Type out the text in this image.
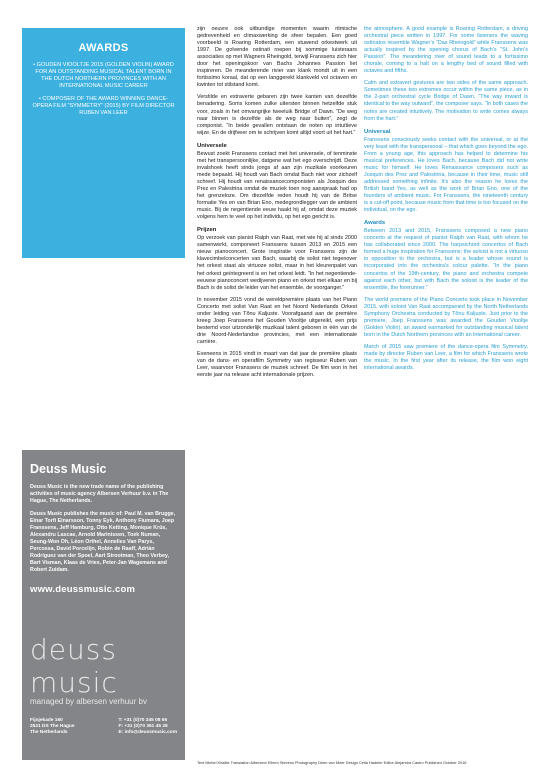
AWARDS
• GOUDEN VIOOLTJE 2015 (GOLDEN VIOLIN) AWARD FOR AN OUTSTANDING MUSICAL TALENT BORN IN THE DUTCH NORTHERN PROVINCES WITH AN INTERNATIONAL MUSIC CAREER
• COMPOSER OF THE AWARD WINNING DANCE-OPERA FILM “SYMMETRY” (2015) BY FILM DIRECTOR RUBEN VAN LEER
Deuss Music

Deuss Music is the new trade name of the publishing activities of music agency Albersen Verhuur b.v. in The Hague, The Netherlands.

Deuss Music publishes the music of: Paul M. van Brugge, Einar Torfi Einarsson, Tonny Eyk, Anthony Fiumara, Joep Franssens, Jeff Hamburg, Otto Ketting, Monique Krüs, Alexandru Lascae, Arnold Marinissen, Toek Numan, Seung-Won Oh, Léon Orthel, Annelies Van Parys, Percossa, David Porcelijn, Robin de Raaff, Adrián Rodríguez van der Spoel, Aart Strootman, Theo Verbey, Bart Visman, Klaas de Vries, Peter-Jan Wagemans and Robert Zuidam.

www.deussmusic.com
deuss music
managed by albersen verhuur bv
Fijnjekade 160
2521 DS The Hague
The Netherlands
T: +31 (0)70 345 08 65
F: +31 (0)70 361 45 28
E: info@deussmusic.com

zijn oeuvre ook uitbundige momenten waarin ritmische gedrevenheid en climaxwerking de sfeer bepalen. Een goed voorbeeld is Roaring Rotterdam, een stuwend orkestwerk uit 1997. De golvende ostinati roepen bij sommige luisteraars associaties op met Wagners Rheingold, terwijl Franssens zich hier door het openingskoor van Bachs Johannes Passion liet inspireren. De meanderende rivier van klank mondt uit in een fortissimo koraal, dat op een langgerekt klankveld vol octaven en kwinten tot stilstand komt.

Verstilde en extraverte gebaren zijn twee kanten van dezelfde benadering. Soms komen zulke uitersten binnen hetzelfde stuk voor, zoals in het omvangrijke tweeluik Bridge of Dawn. “De weg naar binnen is dezelfde als de weg naar buiten”, zegt de componist. “In beide gevallen ontstaan de noten op intuïtieve wijze. En de drijfveer om te schrijven komt altijd voort uit het hart.”

Universele

Bewust zoekt Franssens contact met het universele, of tenminste met het transpersoonlijke, datgene wat het ego overschrijdt. Deze invalshoek heeft sinds jongs af aan zijn muzikale voorkeuren mede bepaald. Hij houdt van Bach omdat Bach niet voor zichzelf schreef. Hij houdt van renaissancecomponisten als Josquin des Prez en Palestrina omdat de muziek toen nog aanspraak had op het grenzeloze. Om diezelfde reden houdt hij van de Britse formatie Yes en van Brian Eno, medegrondlegger van de ambient music. Bij de negentiende eeuw haakt hij af, omdat deze muziek volgens hem te veel op het individu, op het ego gericht is.

Prijzen

Op verzoek van pianist Ralph van Raat, met wie hij al sinds 2000 samenwerkt, componeert Franssens tussen 2013 en 2015 een nieuw pianoconcert. Grote inspiratie voor Franssens zijn de klavecimbelconcerten van Bach, waarbij de solist niet tegenover het orkest staat als virtuoze solist, maar in het kleurenpalet van het orkest geïntegreerd is en het orkest leidt. “In het negentiende-eeuwse pianoconcert wedijveren piano en orkest met elkaar en bij Bach is de solist de leider van het ensemble, de voorganger.”

In november 2015 vond de wereldpremière plaats van het Piano Concerto met solist Van Raat en het Noord Nederlands Orkest onder leiding van Tõnu Kaljuste. Voorafgaand aan de première kreeg Joep Franssens het Gouden Viooltje uitgereikt, een prijs bestemd voor uitzonderlijk muzikaal talent geboren in één van de drie Noord-Nederlandse provincies, met een internationale carrière.

Eveneens in 2015 vindt in maart van dat jaar de première plaats van de dans- en operafilm Symmetry van regisseur Ruben van Leer, waarvoor Franssens de muziek schreef. De film won in het eerste jaar na release acht internationale prijzen.

the atmosphere. A good example is Roaring Rotterdam, a driving orchestral piece written in 1997. For some listeners the waving ostinatos resemble Wagner’s “Das Rheingold” while Franssens was actually inspired by the opening chorus of Bach’s “St. John’s Passion”. The meandering river of sound leads to a fortissimo chorale, coming to a halt on a lengthy bed of sound filled with octaves and fifths.

Calm and extravert gestures are two sides of the same approach. Sometimes these two extremes occur within the same piece, as in the 2-part orchestral cycle Bridge of Dawn. “The way inward is identical to the way outward”, the composer says. “In both cases the notes are created intuitively. The motivation to write comes always from the hart.”

Universal

Franssens consciously seeks contact with the universal, or at the very least with the transpersonal – that which goes beyond the ego. From a young age, this approach has helped to determine his musical preferences. He loves Bach, because Bach did not write music for himself. He loves Renaissance composers such as Josquin des Prez and Palestrina, because in their time, music still addressed something infinite. It’s also the reason he loves the British band Yes, as well as the work of Brian Eno, one of the founders of ambient music. For Franssens, the nineteenth century is a cut-off point, because music from that time is too focused on the individual, on the ego.

Awards

Between 2013 and 2015, Franssens composed a new piano concerto at the request of pianist Ralph van Raat, with whom he has collaborated since 2000. The harpsichord concertos of Bach formed a huge inspiration for Franssens; the soloist is not a virtuoso in opposition to the orchestra, but is a leader whose sound is incorporated into the orchestra’s colour palette. “In the piano concertos of the 19th-century, the piano and orchestra compete against each other, but with Bach the soloist is the leader of the ensemble, the forerunner.”

The world premiere of the Piano Concerto took place in November 2015, with soloist Van Raat accompanied by the North Netherlands Symphony Orchestra conducted by Tõnu Kaljuste. Just prior to the premiere, Joep Franssens was awarded the Gouden Viooltje (Golden Violin), an award earmarked for outstanding musical talent born in the Dutch Northern provinces with an international career.

March of 2015 saw premiere of the dance-opera film Symmetry, made by director Ruben van Leer, a film for which Franssens wrote the music. In the first year after its release, the film won eight international awards.

Text Michel Khalifa Translation Albersen/ Eileen Stevens Photography Deen van Meer Design Celia Hadeler Editor Alejandra Castro Published October 2016
